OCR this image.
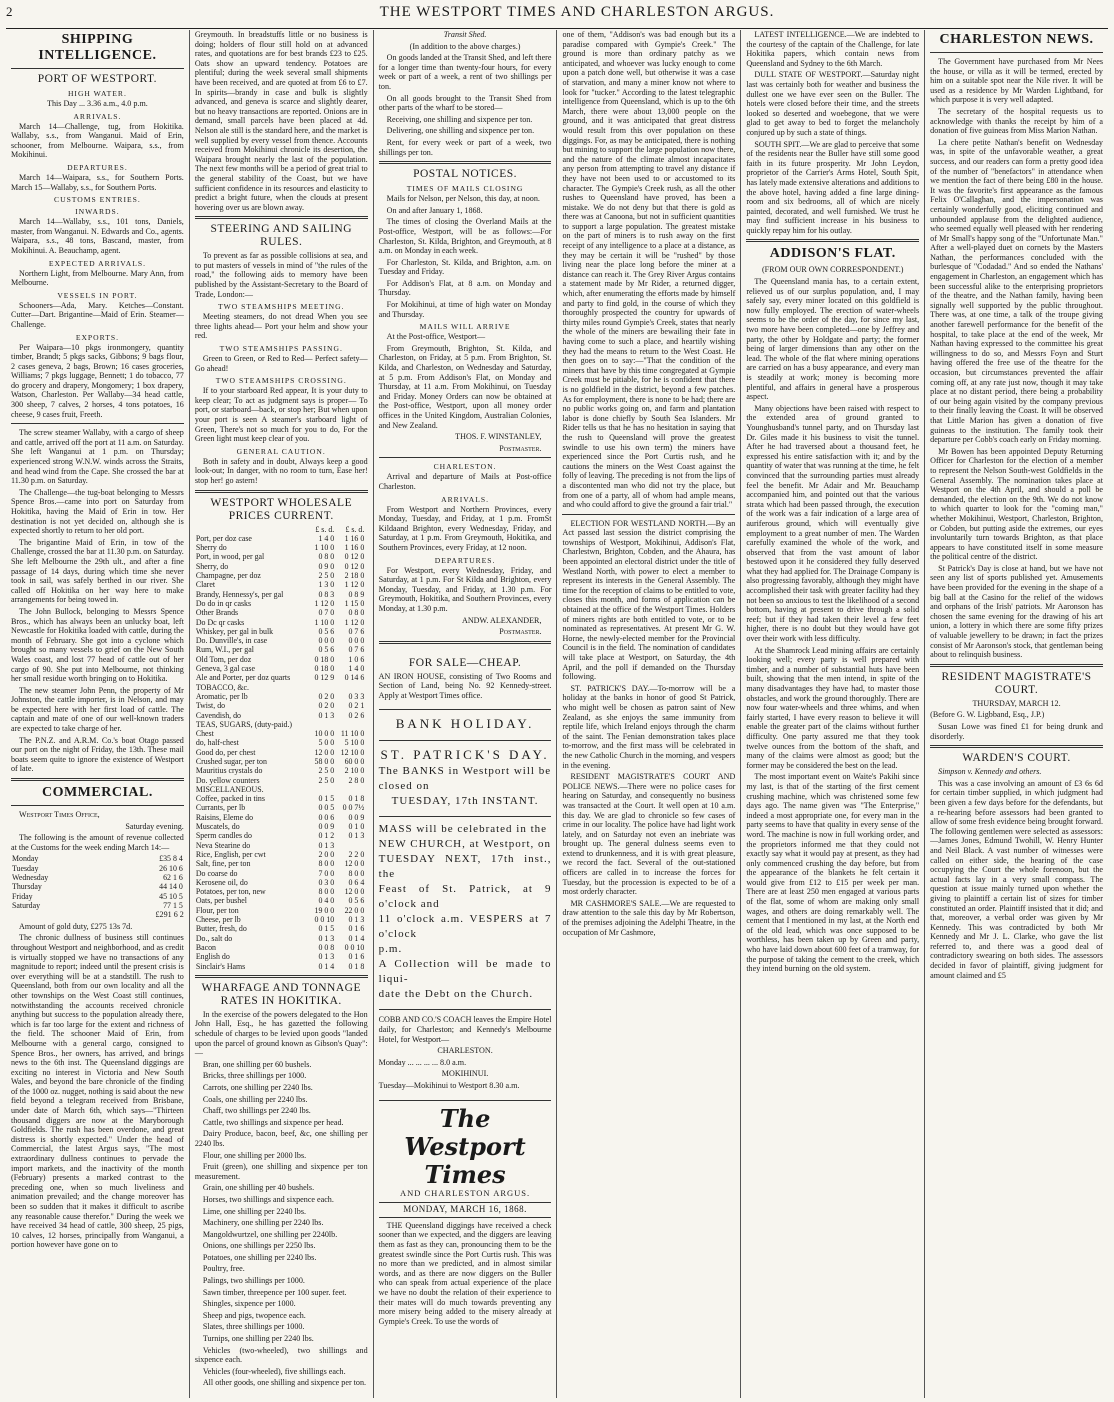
2	THE WESTPORT TIMES AND CHARLESTON ARGUS.
SHIPPING INTELLIGENCE.
PORT OF WESTPORT.
HIGH WATER.

This Day ... 3.36 a.m., 4.0 p.m.

ARRIVALS.

March 14—Challenge, tug, from Hokitika. Wallaby, s.s., from Wanganui. Maid of Erin, schooner, from Melbourne. Waipara, s.s., from Mokihinui.

DEPARTURES.

March 14—Waipara, s.s., for Southern Ports. March 15—Wallaby, s.s., for Southern Ports.

CUSTOMS ENTRIES.
INWARDS.

March 14—Wallaby, s.s., 101 tons, Daniels, master, from Wanganui. N. Edwards and Co., agents. Waipara, s.s., 48 tons, Bascand, master, from Mokihinui. A. Beauchamp, agent.

EXPECTED ARRIVALS.

Northern Light, from Melbourne. Mary Ann, from Melbourne.

VESSELS IN PORT.

Schooners—Ada, Mary. Ketches—Constant. Cutter—Dart. Brigantine—Maid of Erin. Steamer—Challenge.

EXPORTS.

Per Waipara—10 pkgs ironmongery, quantity timber, Brandt; 5 pkgs sacks, Gibbons; 9 bags flour, 2 cases geneva, 2 bags, Brown; 16 cases groceries, Williams; 7 pkgs luggage, Bennett; 1 do tobacco, 77 do grocery and drapery, Mongomery; 1 box drapery, Watson, Charleston. Per Wallaby—34 head cattle, 300 sheep, 7 calves, 2 horses, 4 tons potatoes, 16 cheese, 9 cases fruit, Freeth.

The screw steamer Wallaby, with a cargo of sheep and cattle, arrived off the port at 11 a.m. on Saturday. She left Wanganui at 1 p.m. on Thursday; experienced strong W.N.W. winds across the Straits, and head wind from the Cape. She crossed the bar at 11.30 p.m. on Saturday.

The Challenge—the tug-boat belonging to Messrs Spence Bros.—came into port on Saturday from Hokitika, having the Maid of Erin in tow. Her destination is not yet decided on, although she is expected shortly to return to her old port.

The brigantine Maid of Erin, in tow of the Challenge, crossed the bar at 11.30 p.m. on Saturday. She left Melbourne the 29th ult., and after a fine passage of 14 days, during which time she never took in sail, was safely berthed in our river. She called off Hokitika on her way here to make arrangements for being towed in.

The John Bullock, belonging to Messrs Spence Bros., which has always been an unlucky boat, left Newcastle for Hokitika loaded with cattle, during the month of February. She got into a cyclone which brought so many vessels to grief on the New South Wales coast, and lost 77 head of cattle out of her cargo of 90. She put into Melbourne, not thinking her small residue worth bringing on to Hokitika.

The new steamer John Penn, the property of Mr Johnston, the cattle importer, is in Nelson, and may be expected here with her first load of cattle. The captain and mate of one of our well-known traders are expected to take charge of her.

The P.N.Z. and A.R.M. Co.'s boat Otago passed our port on the night of Friday, the 13th. These mail boats seem quite to ignore the existence of Westport of late.

COMMERCIAL.

Westport Times Office,

Saturday evening.

The following is the amount of revenue collected at the Customs for the week ending March 14:—

Monday	£35 8 4
Tuesday	26 10 6
Wednesday	62 1 6
Thursday	44 14 0
Friday	45 10 5
Saturday	77 1 5

£291 6 2

Amount of gold duty, £275 13s 7d.

The chronic dullness of business still continues throughout Westport and neighborhood, and as credit is virtually stopped we have no transactions of any magnitude to report; indeed until the present crisis is over everything will be at a standstill. The rush to Queensland, both from our own locality and all the other townships on the West Coast still continues, notwithstanding the accounts received chronicle anything but success to the population already there, which is far too large for the extent and richness of the field. The schooner Maid of Erin, from Melbourne with a general cargo, consigned to Spence Bros., her owners, has arrived, and brings news to the 6th inst. The Queensland diggings are exciting no interest in Victoria and New South Wales, and beyond the bare chronicle of the finding of the 1000 oz. nugget, nothing is said about the new field beyond a telegram received from Brisbane, under date of March 6th, which says—"Thirteen thousand diggers are now at the Maryborough Goldfields. The rush has been overdone, and great distress is shortly expected." Under the head of Commercial, the latest Argus says, "The most extraordinary dullness continues to pervade the import markets, and the inactivity of the month (February) presents a marked contrast to the preceding one, when so much liveliness and animation prevailed; and the change moreover has been so sudden that it makes it difficult to ascribe any reasonable cause therefor." During the week we have received 34 head of cattle, 300 sheep, 25 pigs, 10 calves, 12 horses, principally from Wanganui, a portion however have gone on to

Greymouth. In breadstuffs little or no business is doing; holders of flour still hold on at advanced rates, and quotations are for best brands £23 to £25. Oats show an upward tendency. Potatoes are plentiful; during the week several small shipments have been received, and are quoted at from £6 to £7. In spirits—brandy in case and bulk is slightly advanced, and geneva is scarce and slightly dearer, but no heavy transactions are reported. Onions are in demand, small parcels have been placed at 4d. Nelson ale still is the standard here, and the market is well supplied by every vessel from thence. Accounts received from Mokihinui chronicle its desertion, the Waipara brought nearly the last of the population. The next few months will be a period of great trial to the general stability of the Coast, but we have sufficient confidence in its resources and elasticity to predict a bright future, when the clouds at present hovering over us are blown away.

STEERING AND SAILING RULES.

To prevent as far as possible collisions at sea, and to put masters of vessels in mind of "the rules of the road," the following aids to memory have been published by the Assistant-Secretary to the Board of Trade, London:—

TWO STEAMSHIPS MEETING.

Meeting steamers, do not dread When you see three lights ahead— Port your helm and show your red.

TWO STEAMSHIPS PASSING.

Green to Green, or Red to Red— Perfect safety—Go ahead!

TWO STEAMSHIPS CROSSING.

If to your starboard Red appear, It is your duty to keep clear; To act as judgment says is proper— To port, or starboard—back, or stop her; But when upon your port is seen A steamer's starboard light of Green, There's not so much for you to do, For the Green light must keep clear of you.

GENERAL CAUTION.

Both in safety and in doubt, Always keep a good look-out; In danger, with no room to turn, Ease her! stop her! go astern!

WESTPORT WHOLESALE PRICES CURRENT.
	£ s. d.	£ s. d.	
Port, per doz case	1 4 0	1 16 0	
Sherry do	1 10 0	1 16 0	
Port, in wood, per gal	0 8 0	0 12 0	
Sherry, do	0 9 0	0 12 0	
Champagne, per doz	2 5 0	2 18 0	
Claret	1 3 0	1 12 0	
Brandy, Hennessy's, per gal	0 8 3	0 8 9	
Do do in qr casks	1 12 0	1 15 0	
Other Brands	0 7 0	0 8 0	
Do Dc qr casks	1 10 0	1 12 0	
Whiskey, per gal in bulk	0 5 6	0 7 6	
Do. Dunville's, in case	0 0 0	0 0 0	
Rum, W.I., per gal	0 5 6	0 7 6	
Old Tom, per doz	0 18 0	1 0 6	
Geneva, 3 gal case	0 18 0	1 4 0	
Ale and Porter, per doz quarts	0 12 9	0 14 6	
TOBACCO, &c.			
Aromatic, per lb	0 2 0	0 3 3	
Twist, do	0 2 0	0 2 1	
Cavendish, do	0 1 3	0 2 6	
TEAS, SUGARS, (duty-paid.)			
Chest	10 0 0	11 10 0	
do, half-chest	5 0 0	5 10 0	
Good do, per chest	12 0 0	12 10 0	
Crushed sugar, per ton	58 0 0	60 0 0	
Mauritius crystals do	2 5 0	2 10 0	
Do. yellow counters	2 5 0	2 8 0	
MISCELLANEOUS.			
Coffee, packed in tins	0 1 5	0 1 8	
Currants, per lb	0 0 5	0 0 7½	
Raisins, Eleme do	0 0 6	0 0 9	
Muscatels, do	0 0 9	0 1 0	
Sperm candles do	0 1 2	0 1 3	
Neva Stearine do	0 1 3		
Rice, English, per cwt	2 0 0	2 2 0	
Salt, fine, per ton	8 0 0	12 0 0	
Do coarse do	7 0 0	8 0 0	
Kerosene oil, do	0 3 0	0 6 4	
Potatoes, per ton, new	8 0 0	12 0 0	
Oats, per bushel	0 4 0	0 5 6	
Flour, per ton	19 0 0	22 0 0	
Cheese, per lb	0 0 10	0 1 3	
Butter, fresh, do	0 1 5	0 1 6	
Do., salt do	0 1 3	0 1 4	
Bacon	0 0 8	0 0 10	
English do	0 1 3	0 1 6	
Sinclair's Hams	0 1 4	0 1 8	
WHARFAGE AND TONNAGE RATES IN HOKITIKA.

In the exercise of the powers delegated to the Hon John Hall, Esq., he has gazetted the following schedule of charges to be levied upon goods "landed upon the parcel of ground known as Gibson's Quay":—

Bran, one shilling per 60 bushels.

Bricks, three shillings per 1000.

Carrots, one shilling per 2240 lbs.

Coals, one shilling per 2240 lbs.

Chaff, two shillings per 2240 lbs.

Cattle, two shillings and sixpence per head.

Dairy Produce, bacon, beef, &c, one shilling per 2240 lbs.

Flour, one shilling per 2000 lbs.

Fruit (green), one shilling and sixpence per ton measurement.

Grain, one shilling per 40 bushels.

Horses, two shillings and sixpence each.

Lime, one shilling per 2240 lbs.

Machinery, one shilling per 2240 lbs.

Mangoldwurtzel, one shilling per 2240lb.

Onions, one shillings per 2250 lbs.

Potatoes, one shilling per 2240 lbs.

Poultry, free.

Palings, two shillings per 1000.

Sawn timber, threepence per 100 super. feet.

Shingles, sixpence per 1000.

Sheep and pigs, twopence each.

Slates, three shillings per 1000.

Turnips, one shilling per 2240 lbs.

Vehicles (two-wheeled), two shillings and sixpence each.

Vehicles (four-wheeled), five shillings each.

All other goods, one shilling and sixpence per ton.

Transit Shed.

(In addition to the above charges.)

On goods landed at the Transit Shed, and left there for a longer time than twenty-four hours, for every week or part of a week, a rent of two shillings per ton.

On all goods brought to the Transit Shed from other parts of the wharf to be stored—

Receiving, one shilling and sixpence per ton.

Delivering, one shilling and sixpence per ton.

Rent, for every week or part of a week, two shillings per ton.

POSTAL NOTICES.
TIMES OF MAILS CLOSING

Mails for Nelson, per Nelson, this day, at noon.

On and after January 1, 1868.

The times of closing the Overland Mails at the Post-office, Westport, will be as follows:—For Charleston, St. Kilda, Brighton, and Greymouth, at 8 a.m. on Monday in each week.

For Charleston, St. Kilda, and Brighton, a.m. on Tuesday and Friday.

For Addison's Flat, at 8 a.m. on Monday and Thursday.

For Mokihinui, at time of high water on Monday and Thursday.

MAILS WILL ARRIVE

At the Post-office, Westport—

From Greymouth, Brighton, St. Kilda, and Charleston, on Friday, at 5 p.m. From Brighton, St. Kilda, and Charleston, on Wednesday and Saturday, at 5 p.m. From Addison's Flat, on Monday and Thursday, at 11 a.m. From Mokihinui, on Tuesday and Friday. Money Orders can now be obtained at the Post-office, Westport, upon all money order offices in the United Kingdom, Australian Colonies, and New Zealand.

THOS. F. WINSTANLEY,

Postmaster.

CHARLESTON.

Arrival and departure of Mails at Post-office Charleston.

ARRIVALS.

From Westport and Northern Provinces, every Monday, Tuesday, and Friday, at 1 p.m. FromSt Kildaand Brighton, every Wednesday, Friday, and Saturday, at 1 p.m. From Greymouth, Hokitika, and Southern Provinces, every Friday, at 12 noon.

DEPARTURES.

For Westport, every Wednesday, Friday, and Saturday, at 1 p.m. For St Kilda and Brighton, every Monday, Tuesday, and Friday, at 1.30 p.m. For Greymouth, Hokitika, and Southern Provinces, every Monday, at 1.30 p.m.

ANDW. ALEXANDER,

Postmaster.

FOR SALE—CHEAP.

AN IRON HOUSE, consisting of Two Rooms and Section of Land, being No. 92 Kennedy-street. Apply at Westport Times office.

BANK HOLIDAY.
ST. PATRICK'S DAY.
The BANKS in Westport will be
closed on
TUESDAY, 17th INSTANT.
MASS will be celebrated in the
NEW CHURCH, at Westport, on
TUESDAY NEXT, 17th inst., the
Feast of St. Patrick, at 9 o'clock and
11 o'clock a.m. VESPERS at 7 o'clock
p.m.
A Collection will be made to liqui-
date the Debt on the Church.

COBB AND CO.'S COACH leaves the Empire Hotel daily, for Charleston; and Kennedy's Melbourne Hotel, for Westport—

CHARLESTON.

Monday ... ... ... ... 8.0 a.m.

MOKIHINUI.

Tuesday—Mokihinui to Westport 8.30 a.m.

The Westport Times
AND CHARLESTON ARGUS.
MONDAY, MARCH 16, 1868.

THE Queensland diggings have received a check sooner than we expected, and the diggers are leaving them as fast as they can, pronouncing them to be the greatest swindle since the Port Curtis rush. This was no more than we predicted, and in almost similar words, and as there are now diggers on the Buller who can speak from actual experience of the place we have no doubt the relation of their experience to their mates will do much towards preventing any more misery being added to the misery already at Gympie's Creek. To use the words of

one of them, "Addison's was bad enough but its a paradise compared with Gympie's Creek." The ground is more than ordinary patchy as we anticipated, and whoever was lucky enough to come upon a patch done well, but otherwise it was a case of starvation, and many a miner know not where to look for "tucker." According to the latest telegraphic intelligence from Queensland, which is up to the 6th March, there were about 13,000 people on the ground, and it was anticipated that great distress would result from this over population on these diggings. For, as may be anticipated, there is nothing but mining to support the large population now there, and the nature of the climate almost incapacitates any person from attempting to travel any distance if they have not been used to or accustomed to its character. The Gympie's Creek rush, as all the other rushes to Queensland have proved, has been a mistake. We do not deny but that there is gold as there was at Canoona, but not in sufficient quantities to support a large population. The greatest mistake on the part of miners is to rush away on the first receipt of any intelligence to a place at a distance, as they may be certain it will be "rushed" by those living near the place long before the miner at a distance can reach it. The Grey River Argus contains a statement made by Mr Rider, a returned digger, which, after enumerating the efforts made by himself and party to find gold, in the course of which they thoroughly prospected the country for upwards of thirty miles round Gympie's Creek, states that nearly the whole of the miners are bewailing their fate in having come to such a place, and heartily wishing they had the means to return to the West Coast. He then goes on to say:—"That the condition of the miners that have by this time congregated at Gympie Creek must be pitiable, for he is confident that there is no goldfield in the district, beyond a few patches. As for employment, there is none to be had; there are no public works going on, and farm and plantation labor is done chiefly by South Sea Islanders. Mr Rider tells us that he has no hesitation in saying that the rush to Queensland will prove the greatest swindle to use his own term) the miners have experienced since the Port Curtis rush, and he cautions the miners on the West Coast against the folly of leaving. The preceding is not from the lips of a discontented man who did not try the place, but from one of a party, all of whom had ample means, and who could afford to give the ground a fair trial."

ELECTION FOR WESTLAND NORTH.—By an Act passed last session the district comprising the townships of Westport, Mokihinui, Addison's Flat, Charlestwn, Brighton, Cobden, and the Ahaura, has been appointed an electoral district under the title of Westland North, with power to elect a member to represent its interests in the General Assembly. The time for the reception of claims to be entitled to vote, closes this month, and forms of application can be obtained at the office of the Westport Times. Holders of miners rights are both entitled to vote, or to be nominated as representatives. At present Mr G. W. Horne, the newly-elected member for the Provincial Council is in the field. The nomination of candidates will take place at Westport, on Saturday, the 4th April, and the poll if demanded on the Thursday following.

ST. PATRICK'S DAY.—To-morrow will be a holiday at the banks in honor of good St Patrick, who might well be chosen as patron saint of New Zealand, as she enjoys the same immunity from reptile life, which Ireland enjoys through the charm of the saint. The Fenian demonstration takes place to-morrow, and the first mass will be celebrated in the new Catholic Church in the morning, and vespers in the evening.

RESIDENT MAGISTRATE'S COURT AND POLICE NEWS.—There were no police cases for hearing on Saturday, and consequently no business was transacted at the Court. It well open at 10 a.m. this day. We are glad to chronicle so few cases of crime in our locality. The police have had light work lately, and on Saturday not even an inebriate was brought up. The general dulness seems even to extend to drunkenness, and it is with great pleasure, we record the fact. Several of the out-stationed officers are called in to increase the forces for Tuesday, but the procession is expected to be of a most orderly character.

MR CASHMORE'S SALE.—We are requested to draw attention to the sale this day by Mr Robertson, of the premises adjoining the Adelphi Theatre, in the occupation of Mr Cashmore,

LATEST INTELLIGENCE.—We are indebted to the courtesy of the captain of the Challenge, for late Hokitika papers, which contain news from Queensland and Sydney to the 6th March.

DULL STATE OF WESTPORT.—Saturday night last was certainly both for weather and business the dullest one we have ever seen on the Buller. The hotels were closed before their time, and the streets looked so deserted and woebegone, that we were glad to get away to bed to forget the melancholy conjured up by such a state of things.

SOUTH SPIT.—We are glad to perceive that some of the residents near the Buller have still some good faith in its future prosperity. Mr John Leydon, proprietor of the Carrier's Arms Hotel, South Spit, has lately made extensive alterations and additions to the above hotel, having added a fine large dining-room and six bedrooms, all of which are nicely painted, decorated, and well furnished. We trust he may find sufficient increase in his business to quickly repay him for his outlay.

ADDISON'S FLAT.

(FROM OUR OWN CORRESPONDENT.)

The Queensland mania has, to a certain extent, relieved us of our surplus population, and, I may safely say, every miner located on this goldfield is now fully employed. The erection of water-wheels seems to be the order of the day, for since my last, two more have been completed—one by Jeffrey and party, the other by Holdgate and party; the former being of larger dimensions than any other on the lead. The whole of the flat where mining operations are carried on has a busy appearance, and every man is steadily at work; money is becoming more plentiful, and affairs in general have a prosperous aspect.

Many objections have been raised with respect to the extended area of ground granted to Younghusband's tunnel party, and on Thursday last Dr. Giles made it his business to visit the tunnel. After he had traversed about a thousand feet, he expressed his entire satisfaction with it; and by the quantity of water that was running at the time, he felt convinced that the surrounding parties must already feel the benefit. Mr Adair and Mr. Beauchamp accompanied him, and pointed out that the various strata which had been passed through, the execution of the work was a fair indication of a large area of auriferous ground, which will eventually give employment to a great number of men. The Warden carefully examined the whole of the work, and observed that from the vast amount of labor bestowed upon it he considered they fully deserved what they had applied for. The Drainage Company is also progressing favorably, although they might have accomplished their task with greater facility had they not been so anxious to test the likelihood of a second bottom, having at present to drive through a solid reef; but if they had taken their level a few feet higher, there is no doubt but they would have got over their work with less difficulty.

At the Shamrock Lead mining affairs are certainly looking well; every party is well prepared with timber, and a number of substantial huts have been built, showing that the men intend, in spite of the many disadvantages they have had, to master those obstacles, and work the ground thoroughly. There are now four water-wheels and three whims, and when fairly started, I have every reason to believe it will enable the greater part of the claims without further difficulty. One party assured me that they took twelve ounces from the bottom of the shaft, and many of the claims were almost as good; but the former may be considered the best on the lead.

The most important event on Waite's Pakihi since my last, is that of the starting of the first cement crushing machine, which was christened some few days ago. The name given was "The Enterprise," indeed a most appropriate one, for every man in the party seems to have that quality in every sense of the word. The machine is now in full working order, and the proprietors informed me that they could not exactly say what it would pay at present, as they had only commenced crushing the day before, but from the appearance of the blankets he felt certain it would give from £12 to £15 per week per man. There are at least 250 men engaged at various parts of the flat, some of whom are making only small wages, and others are doing remarkably well. The cement that I mentioned in my last, at the North end of the old lead, which was once supposed to be worthless, has been taken up by Green and party, who have laid down about 600 feet of a tramway, for the purpose of taking the cement to the creek, which they intend burning on the old system.

CHARLESTON NEWS.

The Government have purchased from Mr Nees the house, or villa as it will be termed, erected by him on a suitable spot near the Nile river. It will be used as a residence by Mr Warden Lightband, for which purpose it is very well adapted.

The secretary of the hospital requests us to acknowledge with thanks the receipt by him of a donation of five guineas from Miss Marion Nathan.

La chere petite Nathan's benefit on Wednesday was, in spite of the unfavorable weather, a great success, and our readers can form a pretty good idea of the number of "benefactors" in attendance when we mention the fact of there being £80 in the house. It was the favorite's first appearance as the famous Felix O'Callaghan, and the impersonation was certainly wonderfully good, eliciting continued and unbounded applause from the delighted audience, who seemed equally well pleased with her rendering of Mr Small's happy song of the "Unfortunate Man." After a well-played duet on cornets by the Masters Nathan, the performances concluded with the burlesque of "Codadad." And so ended the Nathans' engagement in Charleston, an engagement which has been successful alike to the enterprising proprietors of the theatre, and the Nathan family, having been signally well supported by the public throughout. There was, at one time, a talk of the troupe giving another farewell performance for the benefit of the hospital, to take place at the end of the week, Mr Nathan having expressed to the committee his great willingness to do so, and Messrs Foyn and Sturt having offered the free use of the theatre for the occasion, but circumstances prevented the affair coming off, at any rate just now, though it may take place at no distant period, there being a probability of our being again visited by the company previous to their finally leaving the Coast. It will be observed that Little Marion has given a donation of five guineas to the institution. The family took their departure per Cobb's coach early on Friday morning.

Mr Bowen has been appointed Deputy Returning Officer for Charleston for the election of a member to represent the Nelson South-west Goldfields in the General Assembly. The nomination takes place at Westport on the 4th April, and should a poll be demanded, the election on the 9th. We do not know to which quarter to look for the "coming man," whether Mokihinui, Westport, Charleston, Brighton, or Cobden, but putting aside the extremes, our eyes involuntarily turn towards Brighton, as that place appears to have constituted itself in some measure the political centre of the district.

St Patrick's Day is close at hand, but we have not seen any list of sports published yet. Amusements have been provided for the evening in the shape of a big ball at the Casino for the relief of the widows and orphans of the Irish' patriots. Mr Aaronson has chosen the same evening for the drawing of his art union, a lottery in which there are some fifty prizes of valuable jewellery to be drawn; in fact the prizes consist of Mr Aaronson's stock, that gentleman being about to relinquish business.

RESIDENT MAGISTRATE'S COURT.

THURSDAY, MARCH 12.

(Before G. W. Ligbband, Esq., J.P.)

Susan Lowe was fined £1 for being drunk and disorderly.

WARDEN'S COURT.

Simpson v. Kennedy and others.

This was a case involving an amount of £3 6s 6d for certain timber supplied, in which judgment had been given a few days before for the defendants, but a re-hearing before assessors had been granted to allow of some fresh evidence being brought forward. The following gentlemen were selected as assessors:—James Jones, Edmund Twohill, W. Henry Hunter and Neil Black. A vast number of witnesses were called on either side, the hearing of the case occupying the Court the whole forenoon, but the actual facts lay in a very small compass. The question at issue mainly turned upon whether the giving to plaintiff a certain list of sizes for timber constituted an order. Plaintiff insisted that it did; and that, moreover, a verbal order was given by Mr Kennedy. This was contradicted by both Mr Kennedy and Mr J. L. Clarke, who gave the list referred to, and there was a good deal of contradictory swearing on both sides. The assessors decided in favor of plaintiff, giving judgment for amount claimed and £5
